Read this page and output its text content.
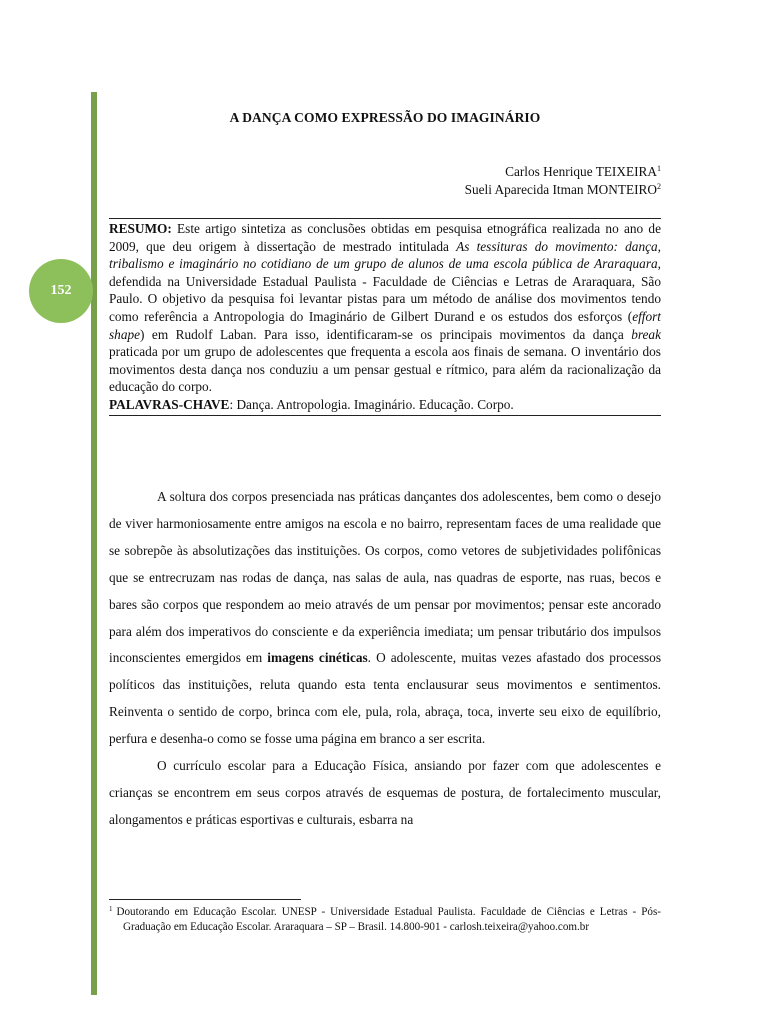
152
A DANÇA COMO EXPRESSÃO DO IMAGINÁRIO
Carlos Henrique TEIXEIRA$^1$
Sueli Aparecida Itman MONTEIRO$^2$

RESUMO: Este artigo sintetiza as conclusões obtidas em pesquisa etnográfica realizada no ano de 2009, que deu origem à dissertação de mestrado intitulada As tessituras do movimento: dança, tribalismo e imaginário no cotidiano de um grupo de alunos de uma escola pública de Araraquara, defendida na Universidade Estadual Paulista - Faculdade de Ciências e Letras de Araraquara, São Paulo. O objetivo da pesquisa foi levantar pistas para um método de análise dos movimentos tendo como referência a Antropologia do Imaginário de Gilbert Durand e os estudos dos esforços (effort shape) em Rudolf Laban. Para isso, identificaram-se os principais movimentos da dança break praticada por um grupo de adolescentes que frequenta a escola aos finais de semana. O inventário dos movimentos desta dança nos conduziu a um pensar gestual e rítmico, para além da racionalização da educação do corpo.

PALAVRAS-CHAVE: Dança. Antropologia. Imaginário. Educação. Corpo.

A soltura dos corpos presenciada nas práticas dançantes dos adolescentes, bem como o desejo de viver harmoniosamente entre amigos na escola e no bairro, representam faces de uma realidade que se sobrepõe às absolutizações das instituições. Os corpos, como vetores de subjetividades polifônicas que se entrecruzam nas rodas de dança, nas salas de aula, nas quadras de esporte, nas ruas, becos e bares são corpos que respondem ao meio através de um pensar por movimentos; pensar este ancorado para além dos imperativos do consciente e da experiência imediata; um pensar tributário dos impulsos inconscientes emergidos em imagens cinéticas. O adolescente, muitas vezes afastado dos processos políticos das instituições, reluta quando esta tenta enclausurar seus movimentos e sentimentos. Reinventa o sentido de corpo, brinca com ele, pula, rola, abraça, toca, inverte seu eixo de equilíbrio, perfura e desenha-o como se fosse uma página em branco a ser escrita.

O currículo escolar para a Educação Física, ansiando por fazer com que adolescentes e crianças se encontrem em seus corpos através de esquemas de postura, de fortalecimento muscular, alongamentos e práticas esportivas e culturais, esbarra na

$^1$ Doutorando em Educação Escolar. UNESP - Universidade Estadual Paulista. Faculdade de Ciências e Letras - Pós-Graduação em Educação Escolar. Araraquara – SP – Brasil. 14.800-901 - carlosh.teixeira@yahoo.com.br
